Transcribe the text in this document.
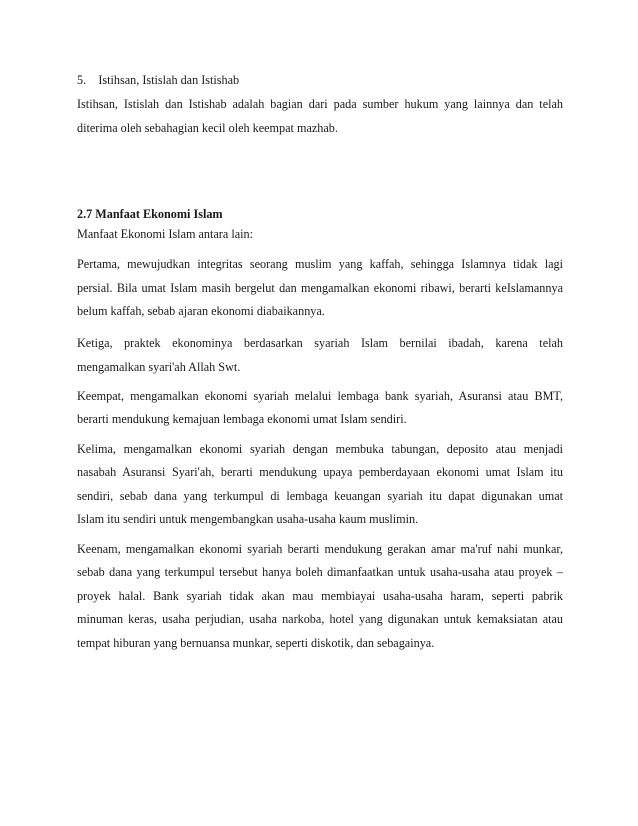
5. Istihsan, Istislah dan Istishab
Istihsan, Istislah dan Istishab adalah bagian dari pada sumber hukum yang lainnya dan telah
diterima oleh sebahagian kecil oleh keempat mazhab.
2.7 Manfaat Ekonomi Islam
Manfaat Ekonomi Islam antara lain:
Pertama, mewujudkan integritas seorang muslim yang kaffah, sehingga Islamnya tidak lagi
persial. Bila umat Islam masih bergelut dan mengamalkan ekonomi ribawi, berarti keIslamannya
belum kaffah, sebab ajaran ekonomi diabaikannya.
Ketiga, praktek ekonominya berdasarkan syariah Islam bernilai ibadah, karena telah
mengamalkan syari'ah Allah Swt.
Keempat, mengamalkan ekonomi syariah melalui lembaga bank syariah, Asuransi atau BMT,
berarti mendukung kemajuan lembaga ekonomi umat Islam sendiri.
Kelima, mengamalkan ekonomi syariah dengan membuka tabungan, deposito atau menjadi
nasabah Asuransi Syari'ah, berarti mendukung upaya pemberdayaan ekonomi umat Islam itu
sendiri, sebab dana yang terkumpul di lembaga keuangan syariah itu dapat digunakan umat
Islam itu sendiri untuk mengembangkan usaha-usaha kaum muslimin.
Keenam, mengamalkan ekonomi syariah berarti mendukung gerakan amar ma'ruf nahi munkar,
sebab dana yang terkumpul tersebut hanya boleh dimanfaatkan untuk usaha-usaha atau proyek –
proyek halal. Bank syariah tidak akan mau membiayai usaha-usaha haram, seperti pabrik
minuman keras, usaha perjudian, usaha narkoba, hotel yang digunakan untuk kemaksiatan atau
tempat hiburan yang bernuansa munkar, seperti diskotik, dan sebagainya.
